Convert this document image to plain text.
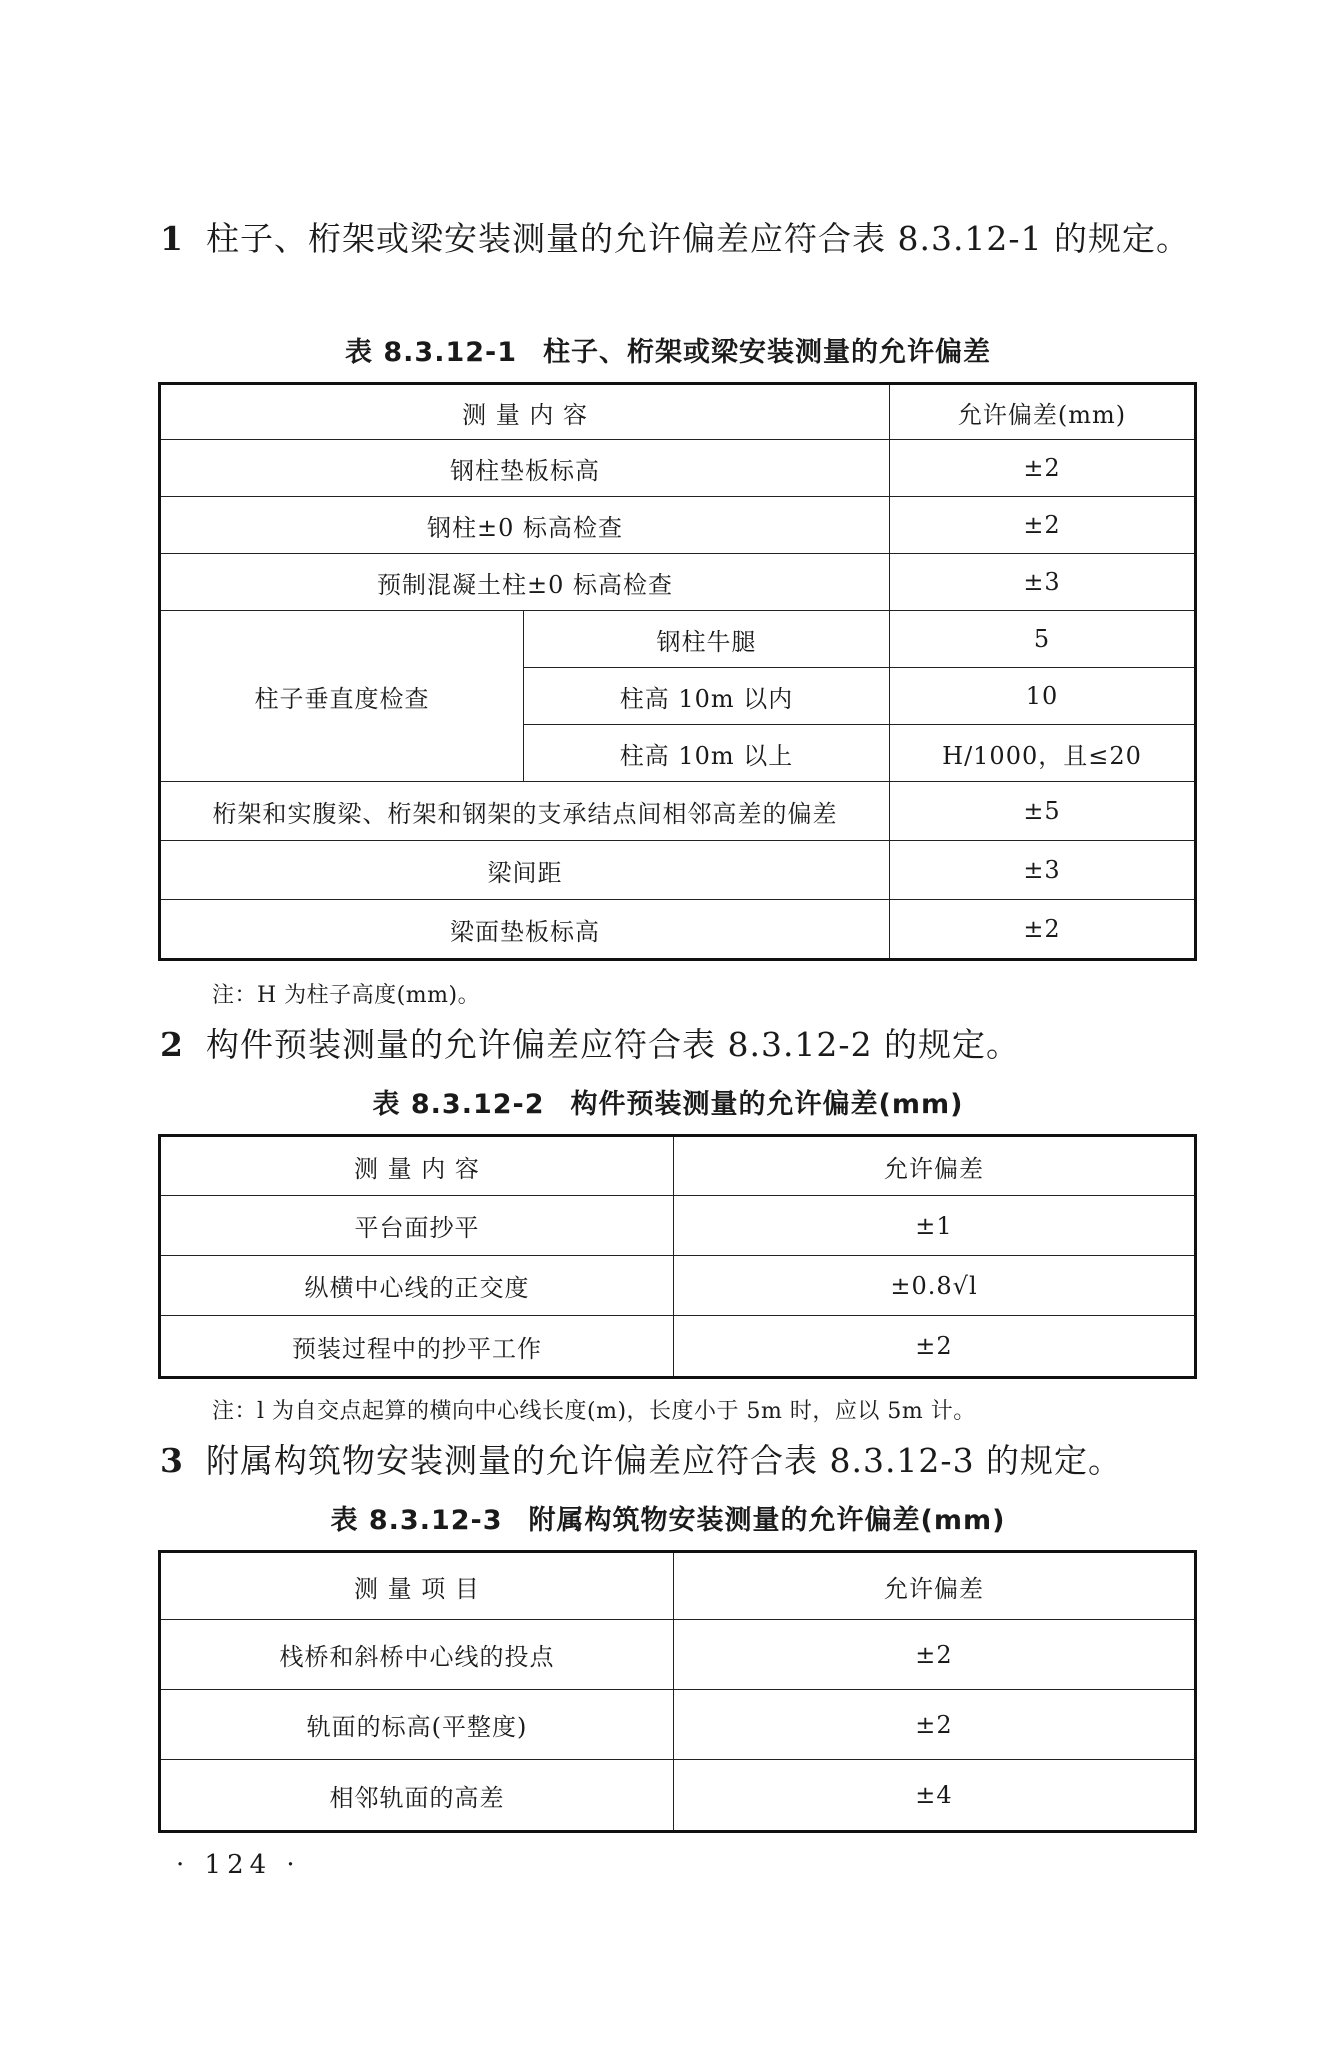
1 柱子、桁架或梁安装测量的允许偏差应符合表 8.3.12-1 的规定。
表 8.3.12-1 柱子、桁架或梁安装测量的允许偏差
测 量 内 容		允许偏差(mm)
钢柱垫板标高		±2
钢柱±0 标高检查		±2
预制混凝土柱±0 标高检查		±3
柱子垂直度检查	钢柱牛腿	5
	柱高 10m 以内	10
	柱高 10m 以上	H/1000，且≤20
桁架和实腹梁、桁架和钢架的支承结点间相邻高差的偏差		±5
梁间距		±3
梁面垫板标高		±2
注：H 为柱子高度(mm)。
2 构件预装测量的允许偏差应符合表 8.3.12-2 的规定。
表 8.3.12-2 构件预装测量的允许偏差(mm)
测 量 内 容	允许偏差
平台面抄平	±1
纵横中心线的正交度	±0.8√l
预装过程中的抄平工作	±2
注：l 为自交点起算的横向中心线长度(m)，长度小于 5m 时，应以 5m 计。
3 附属构筑物安装测量的允许偏差应符合表 8.3.12-3 的规定。
表 8.3.12-3 附属构筑物安装测量的允许偏差(mm)
测 量 项 目	允许偏差
栈桥和斜桥中心线的投点	±2
轨面的标高(平整度)	±2
相邻轨面的高差	±4
· 124 ·
